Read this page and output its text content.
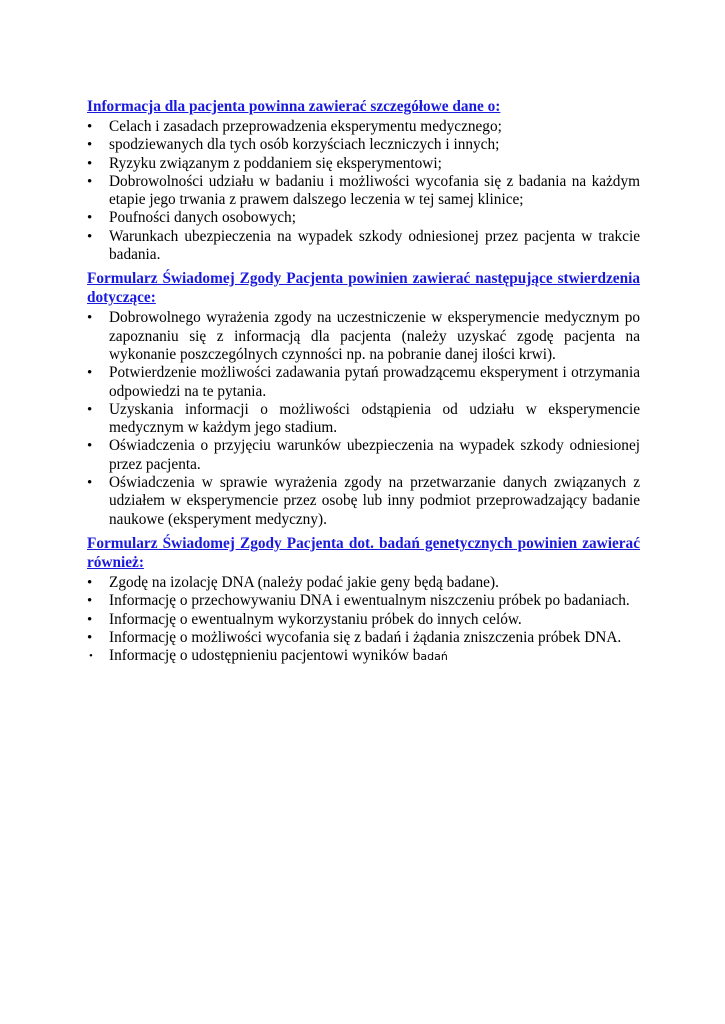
Informacja dla pacjenta powinna zawierać szczegółowe dane o:

•	Celach i zasadach przeprowadzenia eksperymentu medycznego;
•	spodziewanych dla tych osób korzyściach leczniczych i innych;
•	Ryzyku związanym z poddaniem się eksperymentowi;
•	Dobrowolności udziału w badaniu i możliwości wycofania się z badania na każdym etapie jego trwania z prawem dalszego leczenia w tej samej klinice;
•	Poufności danych osobowych;
•	Warunkach ubezpieczenia na wypadek szkody odniesionej przez pacjenta w trakcie badania.

Formularz Świadomej Zgody Pacjenta powinien zawierać następujące stwierdzenia dotyczące:

•	Dobrowolnego wyrażenia zgody na uczestniczenie w eksperymencie medycznym po zapoznaniu się z informacją dla pacjenta (należy uzyskać zgodę pacjenta na wykonanie poszczególnych czynności np. na pobranie danej ilości krwi).
•	Potwierdzenie możliwości zadawania pytań prowadzącemu eksperyment i otrzymania odpowiedzi na te pytania.
•	Uzyskania informacji o możliwości odstąpienia od udziału w eksperymencie medycznym w każdym jego stadium.
•	Oświadczenia o przyjęciu warunków ubezpieczenia na wypadek szkody odniesionej przez pacjenta.
•	Oświadczenia w sprawie wyrażenia zgody na przetwarzanie danych związanych z udziałem w eksperymencie przez osobę lub inny podmiot przeprowadzający badanie naukowe (eksperyment medyczny).

Formularz Świadomej Zgody Pacjenta dot. badań genetycznych powinien zawierać również:

•	Zgodę na izolację DNA (należy podać jakie geny będą badane).
•	Informację o przechowywaniu DNA i ewentualnym niszczeniu próbek po badaniach.
•	Informację o ewentualnym wykorzystaniu próbek do innych celów.
•	Informację o możliwości wycofania się z badań i żądania zniszczenia próbek DNA.
•	Informację o udostępnieniu pacjentowi wyników badań
